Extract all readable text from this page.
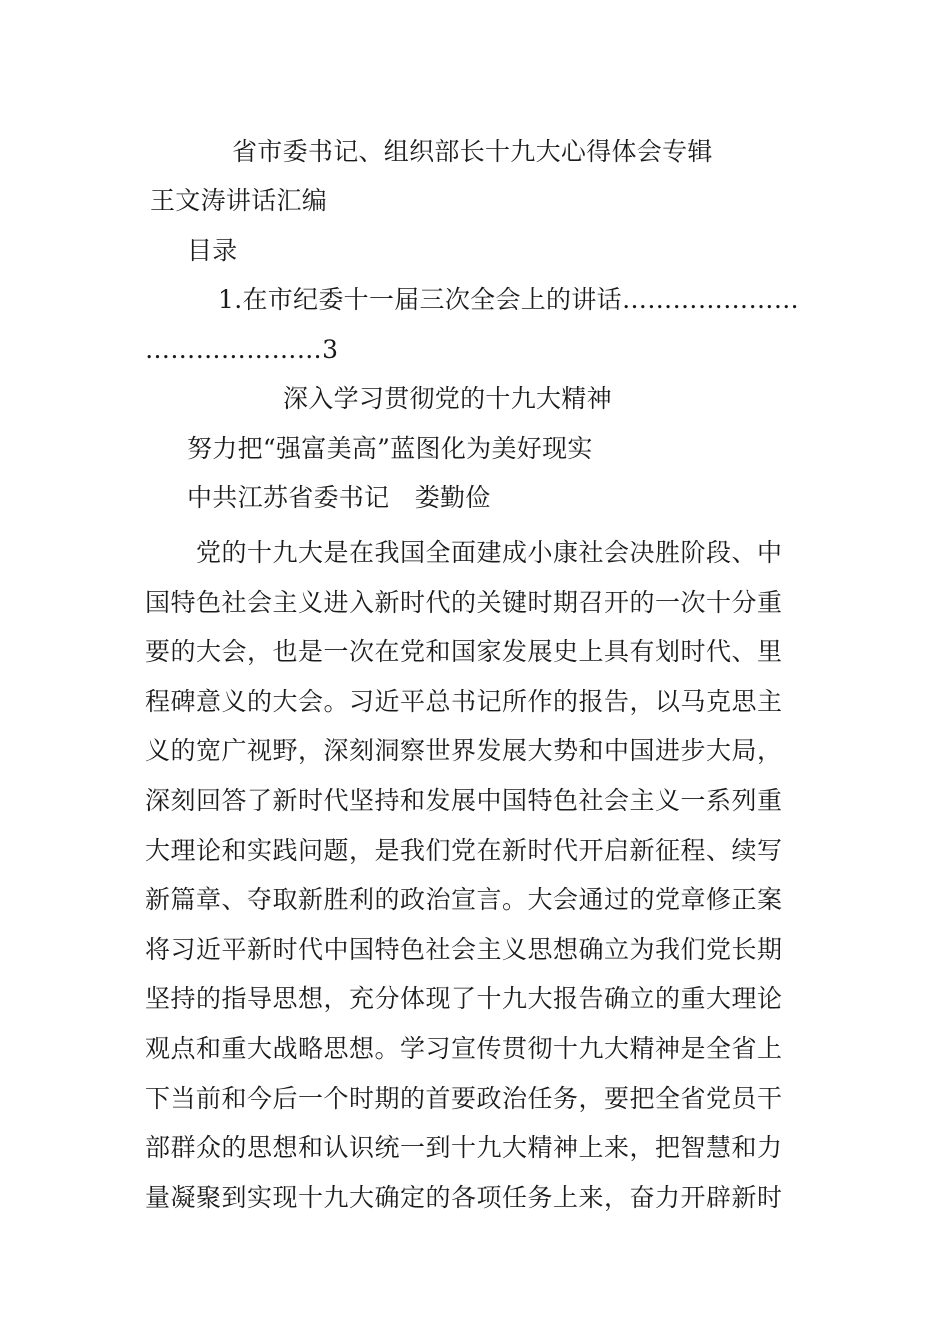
省市委书记、组织部长十九大心得体会专辑
王文涛讲话汇编
目录
1.在市纪委十一届三次全会上的讲话…………………
…………………3
深入学习贯彻党的十九大精神
努力把“强富美高”蓝图化为美好现实
中共江苏省委书记　娄勤俭
　　党的十九大是在我国全面建成小康社会决胜阶段、中
国特色社会主义进入新时代的关键时期召开的一次十分重
要的大会，也是一次在党和国家发展史上具有划时代、里
程碑意义的大会。习近平总书记所作的报告，以马克思主
义的宽广视野，深刻洞察世界发展大势和中国进步大局，
深刻回答了新时代坚持和发展中国特色社会主义一系列重
大理论和实践问题，是我们党在新时代开启新征程、续写
新篇章、夺取新胜利的政治宣言。大会通过的党章修正案
将习近平新时代中国特色社会主义思想确立为我们党长期
坚持的指导思想，充分体现了十九大报告确立的重大理论
观点和重大战略思想。学习宣传贯彻十九大精神是全省上
下当前和今后一个时期的首要政治任务，要把全省党员干
部群众的思想和认识统一到十九大精神上来，把智慧和力
量凝聚到实现十九大确定的各项任务上来，奋力开辟新时
